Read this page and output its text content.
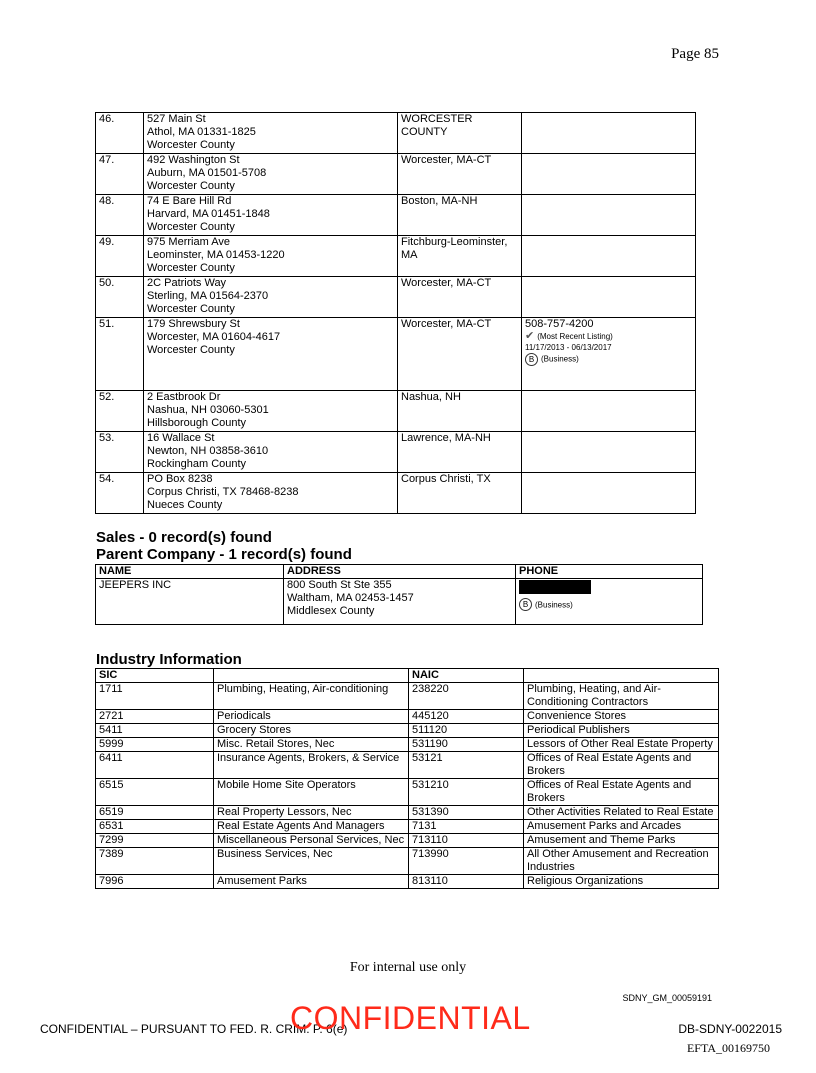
Page 85
46.	527 Main St
Athol, MA 01331-1825
Worcester County	WORCESTER
COUNTY	

47.	492 Washington St
Auburn, MA 01501-5708
Worcester County	Worcester, MA-CT	

48.	74 E Bare Hill Rd
Harvard, MA 01451-1848
Worcester County	Boston, MA-NH	

49.	975 Merriam Ave
Leominster, MA 01453-1220
Worcester County	Fitchburg-Leominster,
MA	

50.	2C Patriots Way
Sterling, MA 01564-2370
Worcester County	Worcester, MA-CT	

51.	179 Shrewsbury St
Worcester, MA 01604-4617
Worcester County	Worcester, MA-CT	508-757-4200
✔ (Most Recent Listing)
11/17/2013 - 06/13/2017
B (Business)

52.	2 Eastbrook Dr
Nashua, NH 03060-5301
Hillsborough County	Nashua, NH	

53.	16 Wallace St
Newton, NH 03858-3610
Rockingham County	Lawrence, MA-NH	

54.	PO Box 8238
Corpus Christi, TX 78468-8238
Nueces County	Corpus Christi, TX	

Sales - 0 record(s) found
Parent Company - 1 record(s) found
NAME	ADDRESS	PHONE
JEEPERS INC	800 South St Ste 355
Waltham, MA 02453-1457
Middlesex County	B (Business)
Industry Information
SIC		NAIC	
1711	Plumbing, Heating, Air-conditioning	238220	Plumbing, Heating, and Air-Conditioning Contractors
2721	Periodicals	445120	Convenience Stores
5411	Grocery Stores	511120	Periodical Publishers
5999	Misc. Retail Stores, Nec	531190	Lessors of Other Real Estate Property
6411	Insurance Agents, Brokers, & Service	53121	Offices of Real Estate Agents and Brokers
6515	Mobile Home Site Operators	531210	Offices of Real Estate Agents and Brokers
6519	Real Property Lessors, Nec	531390	Other Activities Related to Real Estate
6531	Real Estate Agents And Managers	7131	Amusement Parks and Arcades
7299	Miscellaneous Personal Services, Nec	713110	Amusement and Theme Parks
7389	Business Services, Nec	713990	All Other Amusement and Recreation Industries
7996	Amusement Parks	813110	Religious Organizations
For internal use only
SDNY_GM_00059191
CONFIDENTIAL – PURSUANT TO FED. R. CRIM. P. 6(e)
CONFIDENTIAL	DB-SDNY-0022015
EFTA_00169750
